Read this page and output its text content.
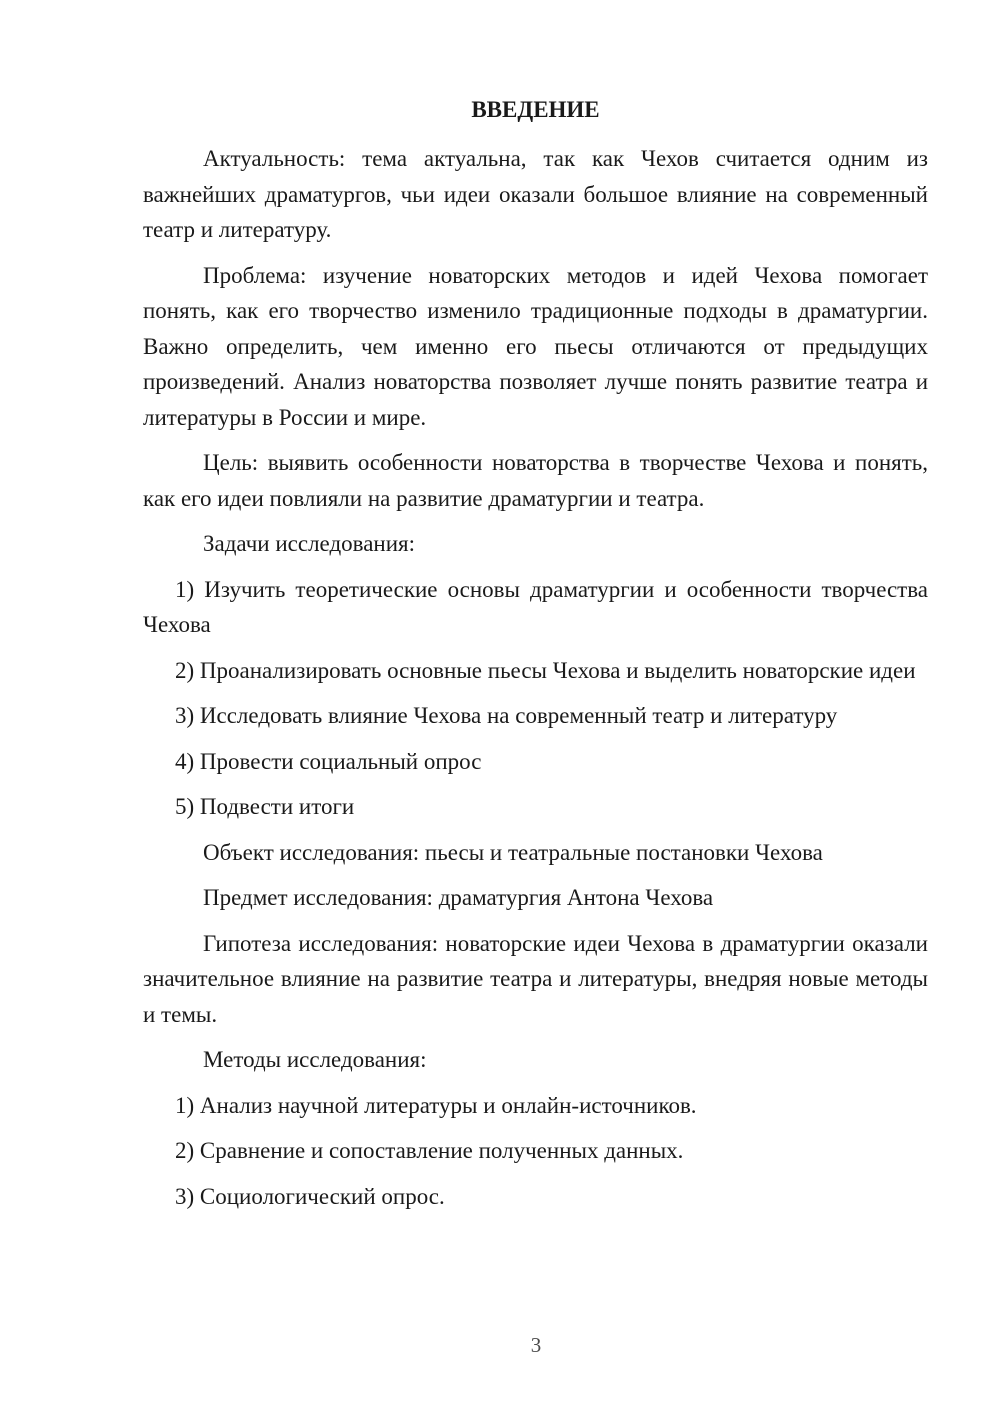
ВВЕДЕНИЕ

Актуальность: тема актуальна, так как Чехов считается одним из важнейших драматургов, чьи идеи оказали большое влияние на современный театр и литературу.

Проблема: изучение новаторских методов и идей Чехова помогает понять, как его творчество изменило традиционные подходы в драматургии. Важно определить, чем именно его пьесы отличаются от предыдущих произведений. Анализ новаторства позволяет лучше понять развитие театра и литературы в России и мире.

Цель: выявить особенности новаторства в творчестве Чехова и понять, как его идеи повлияли на развитие драматургии и театра.

Задачи исследования:

1) Изучить теоретические основы драматургии и особенности творчества Чехова

2) Проанализировать основные пьесы Чехова и выделить новаторские идеи

3) Исследовать влияние Чехова на современный театр и литературу

4) Провести социальный опрос

5) Подвести итоги

Объект исследования: пьесы и театральные постановки Чехова

Предмет исследования: драматургия Антона Чехова

Гипотеза исследования: новаторские идеи Чехова в драматургии оказали значительное влияние на развитие театра и литературы, внедряя новые методы и темы.

Методы исследования:

1) Анализ научной литературы и онлайн-источников.

2) Сравнение и сопоставление полученных данных.

3) Социологический опрос.

3
